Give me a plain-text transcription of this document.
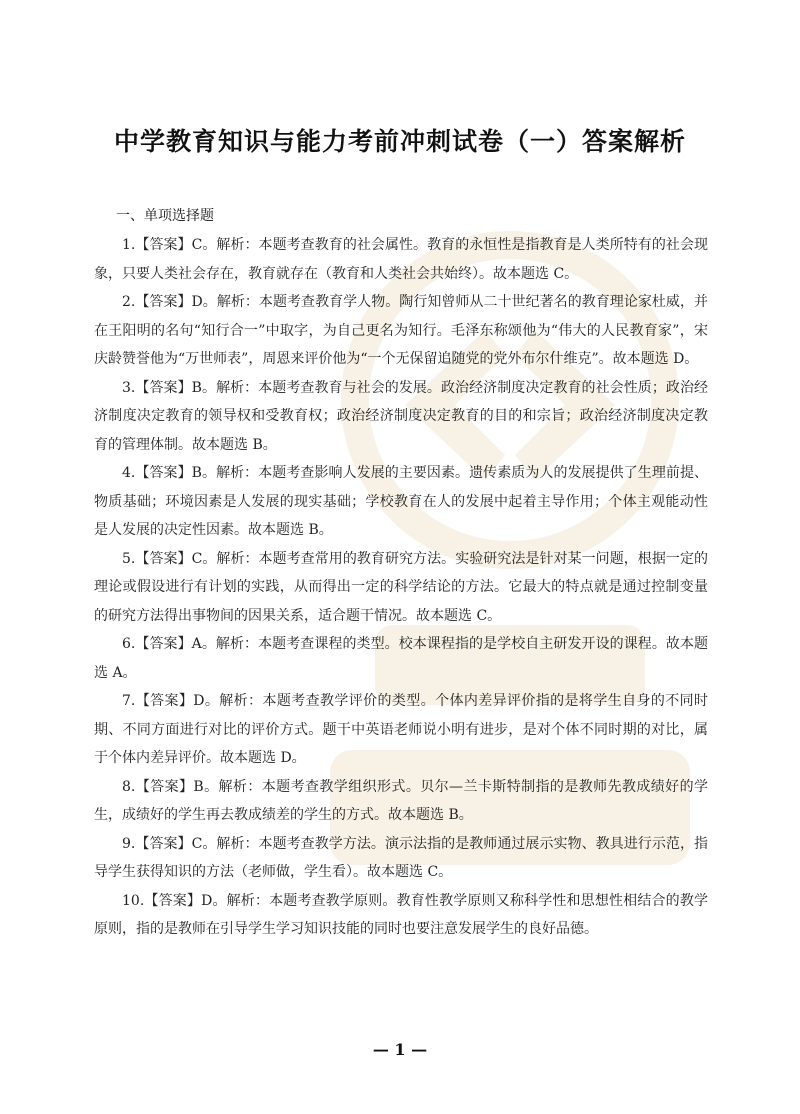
中学教育知识与能力考前冲刺试卷（一）答案解析
一、单项选择题

1.【答案】C。解析：本题考查教育的社会属性。教育的永恒性是指教育是人类所特有的社会现象，只要人类社会存在，教育就存在（教育和人类社会共始终）。故本题选 C。

2.【答案】D。解析：本题考查教育学人物。陶行知曾师从二十世纪著名的教育理论家杜威，并在王阳明的名句“知行合一”中取字，为自己更名为知行。毛泽东称颂他为“伟大的人民教育家”，宋庆龄赞誉他为“万世师表”，周恩来评价他为“一个无保留追随党的党外布尔什维克”。故本题选 D。

3.【答案】B。解析：本题考查教育与社会的发展。政治经济制度决定教育的社会性质；政治经济制度决定教育的领导权和受教育权；政治经济制度决定教育的目的和宗旨；政治经济制度决定教育的管理体制。故本题选 B。

4.【答案】B。解析：本题考查影响人发展的主要因素。遗传素质为人的发展提供了生理前提、物质基础；环境因素是人发展的现实基础；学校教育在人的发展中起着主导作用；个体主观能动性是人发展的决定性因素。故本题选 B。

5.【答案】C。解析：本题考查常用的教育研究方法。实验研究法是针对某一问题，根据一定的理论或假设进行有计划的实践，从而得出一定的科学结论的方法。它最大的特点就是通过控制变量的研究方法得出事物间的因果关系，适合题干情况。故本题选 C。

6.【答案】A。解析：本题考查课程的类型。校本课程指的是学校自主研发开设的课程。故本题选 A。

7.【答案】D。解析：本题考查教学评价的类型。个体内差异评价指的是将学生自身的不同时期、不同方面进行对比的评价方式。题干中英语老师说小明有进步，是对个体不同时期的对比，属于个体内差异评价。故本题选 D。

8.【答案】B。解析：本题考查教学组织形式。贝尔—兰卡斯特制指的是教师先教成绩好的学生，成绩好的学生再去教成绩差的学生的方式。故本题选 B。

9.【答案】C。解析：本题考查教学方法。演示法指的是教师通过展示实物、教具进行示范，指导学生获得知识的方法（老师做，学生看）。故本题选 C。

10.【答案】D。解析：本题考查教学原则。教育性教学原则又称科学性和思想性相结合的教学原则，指的是教师在引导学生学习知识技能的同时也要注意发展学生的良好品德。

— 1 —
